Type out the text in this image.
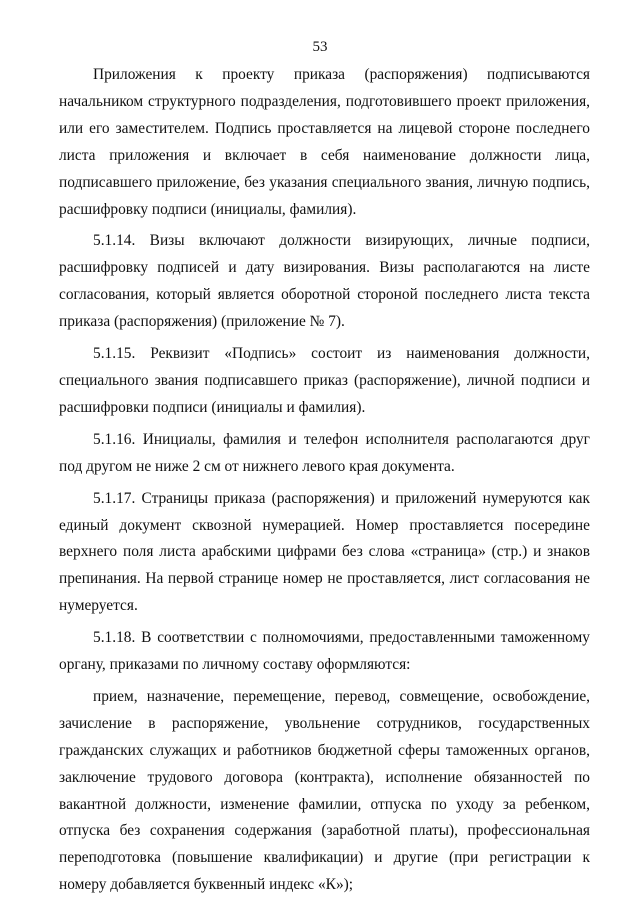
53

Приложения к проекту приказа (распоряжения) подписываются начальником структурного подразделения, подготовившего проект приложения, или его заместителем. Подпись проставляется на лицевой стороне последнего листа приложения и включает в себя наименование должности лица, подписавшего приложение, без указания специального звания, личную подпись, расшифровку подписи (инициалы, фамилия).

5.1.14. Визы включают должности визирующих, личные подписи, расшифровку подписей и дату визирования. Визы располагаются на листе согласования, который является оборотной стороной последнего листа текста приказа (распоряжения) (приложение № 7).

5.1.15. Реквизит «Подпись» состоит из наименования должности, специального звания подписавшего приказ (распоряжение), личной подписи и расшифровки подписи (инициалы и фамилия).

5.1.16. Инициалы, фамилия и телефон исполнителя располагаются друг под другом не ниже 2 см от нижнего левого края документа.

5.1.17. Страницы приказа (распоряжения) и приложений нумеруются как единый документ сквозной нумерацией. Номер проставляется посередине верхнего поля листа арабскими цифрами без слова «страница» (стр.) и знаков препинания. На первой странице номер не проставляется, лист согласования не нумеруется.

5.1.18. В соответствии с полномочиями, предоставленными таможенному органу, приказами по личному составу оформляются:

прием, назначение, перемещение, перевод, совмещение, освобождение, зачисление в распоряжение, увольнение сотрудников, государственных гражданских служащих и работников бюджетной сферы таможенных органов, заключение трудового договора (контракта), исполнение обязанностей по вакантной должности, изменение фамилии, отпуска по уходу за ребенком, отпуска без сохранения содержания (заработной платы), профессиональная переподготовка (повышение квалификации) и другие (при регистрации к номеру добавляется буквенный индекс «К»);
